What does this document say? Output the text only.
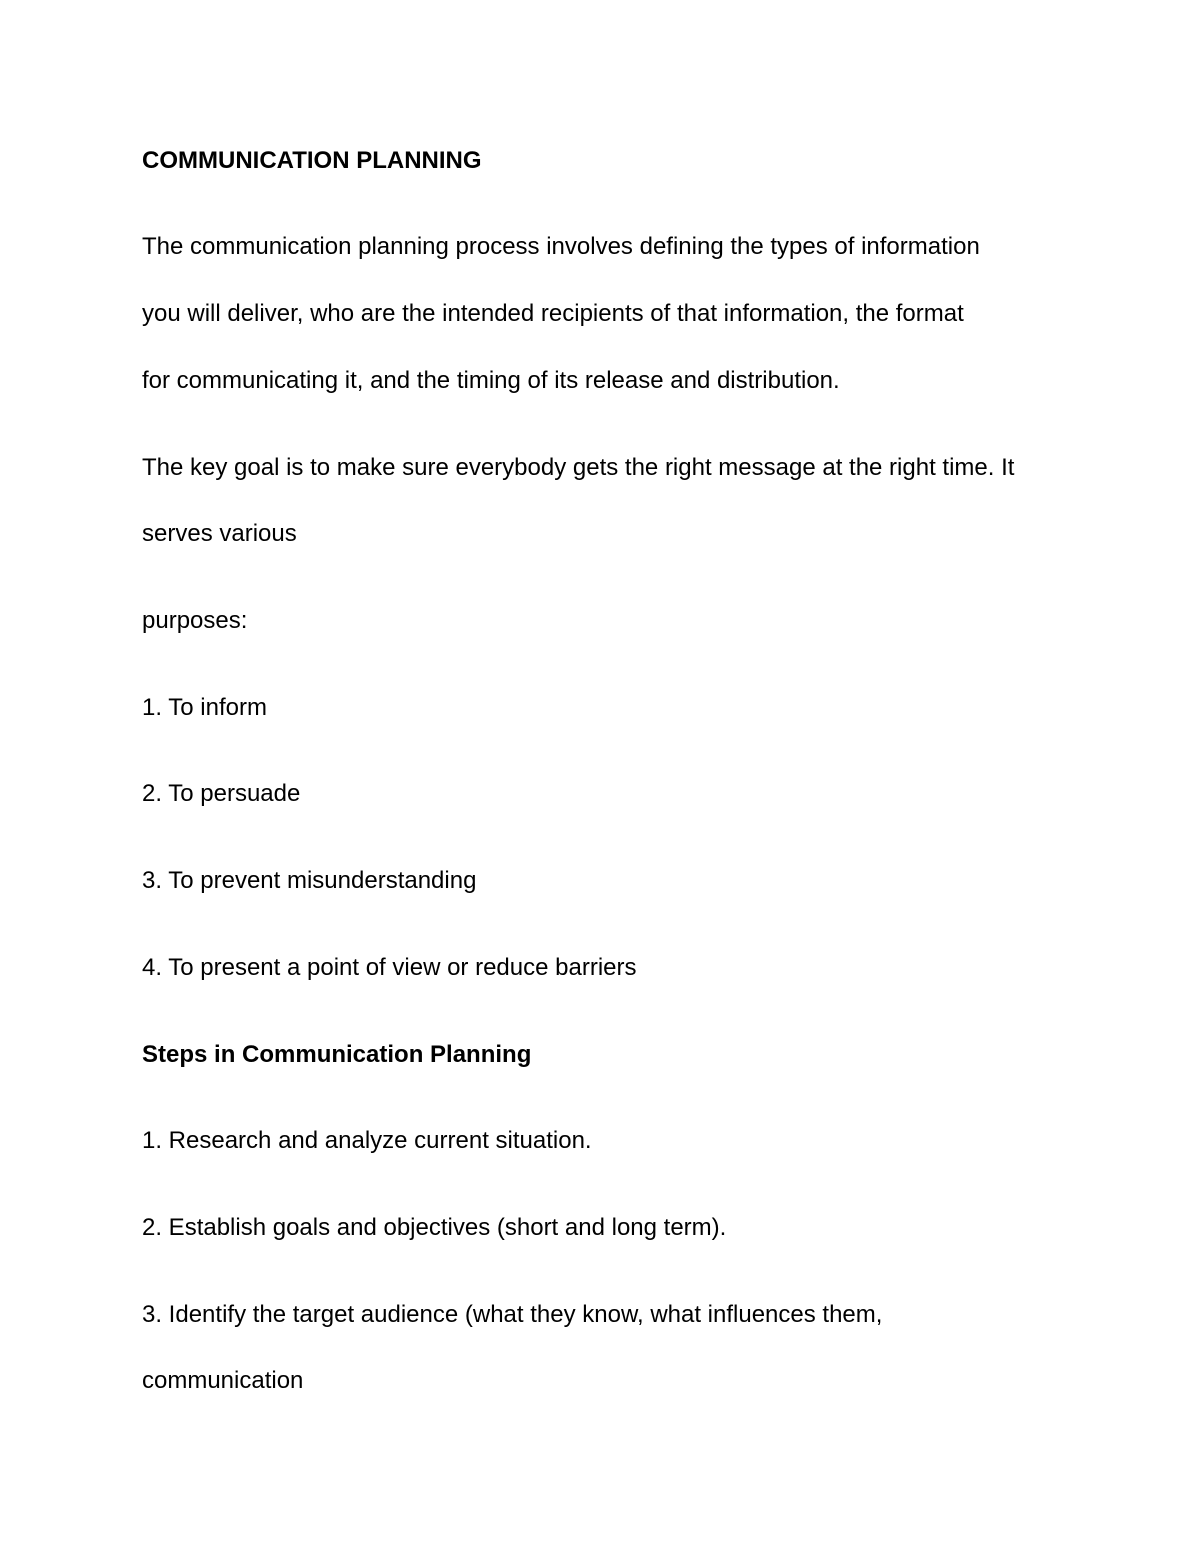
COMMUNICATION PLANNING

The communication planning process involves defining the types of information

you will deliver, who are the intended recipients of that information, the format

for communicating it, and the timing of its release and distribution.

The key goal is to make sure everybody gets the right message at the right time. It

serves various

purposes:

1. To inform

2. To persuade

3. To prevent misunderstanding

4. To present a point of view or reduce barriers

Steps in Communication Planning

1. Research and analyze current situation.

2. Establish goals and objectives (short and long term).

3. Identify the target audience (what they know, what influences them,

communication
